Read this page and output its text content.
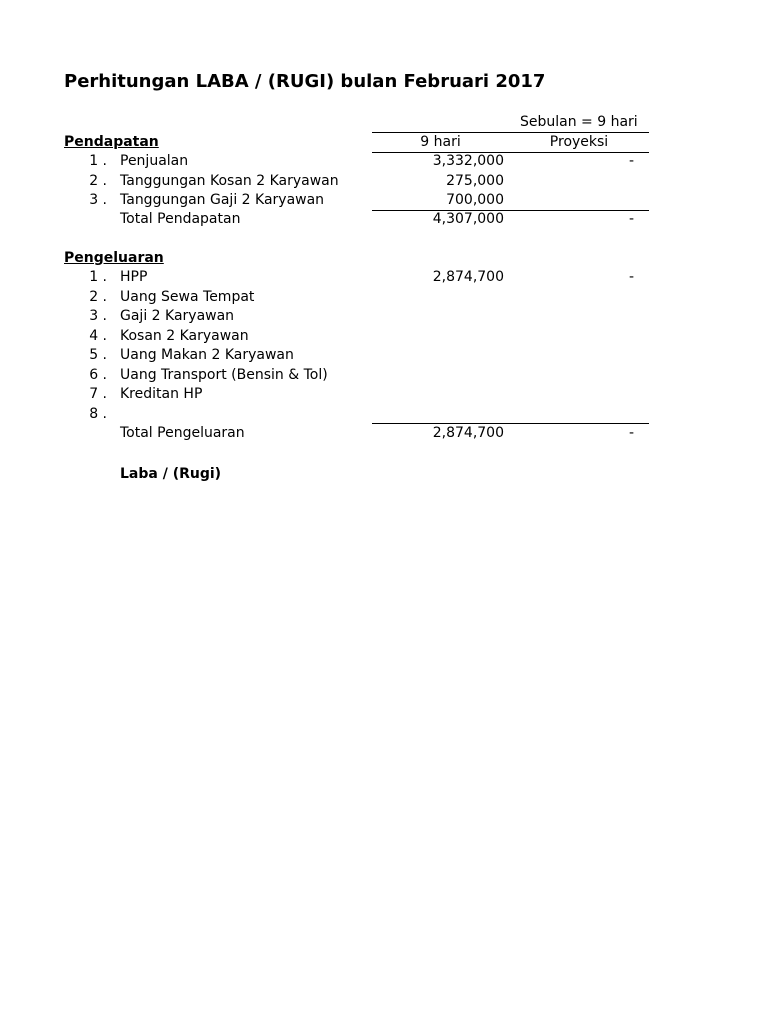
Perhitungan LABA / (RUGI) bulan Februari 2017
Sebulan = 9 hari
9 hari	Proyeksi
Pendapatan
1 . Penjualan	3,332,000	-
2 . Tanggungan Kosan 2 Karyawan	275,000
3 . Tanggungan Gaji 2 Karyawan	700,000
Total Pendapatan	4,307,000	-
Pengeluaran
1 . HPP	2,874,700	-
2 . Uang Sewa Tempat
3 . Gaji 2 Karyawan
4 . Kosan 2 Karyawan
5 . Uang Makan 2 Karyawan
6 . Uang Transport (Bensin & Tol)
7 . Kreditan HP
8 .
Total Pengeluaran	2,874,700	-
Laba / (Rugi)
